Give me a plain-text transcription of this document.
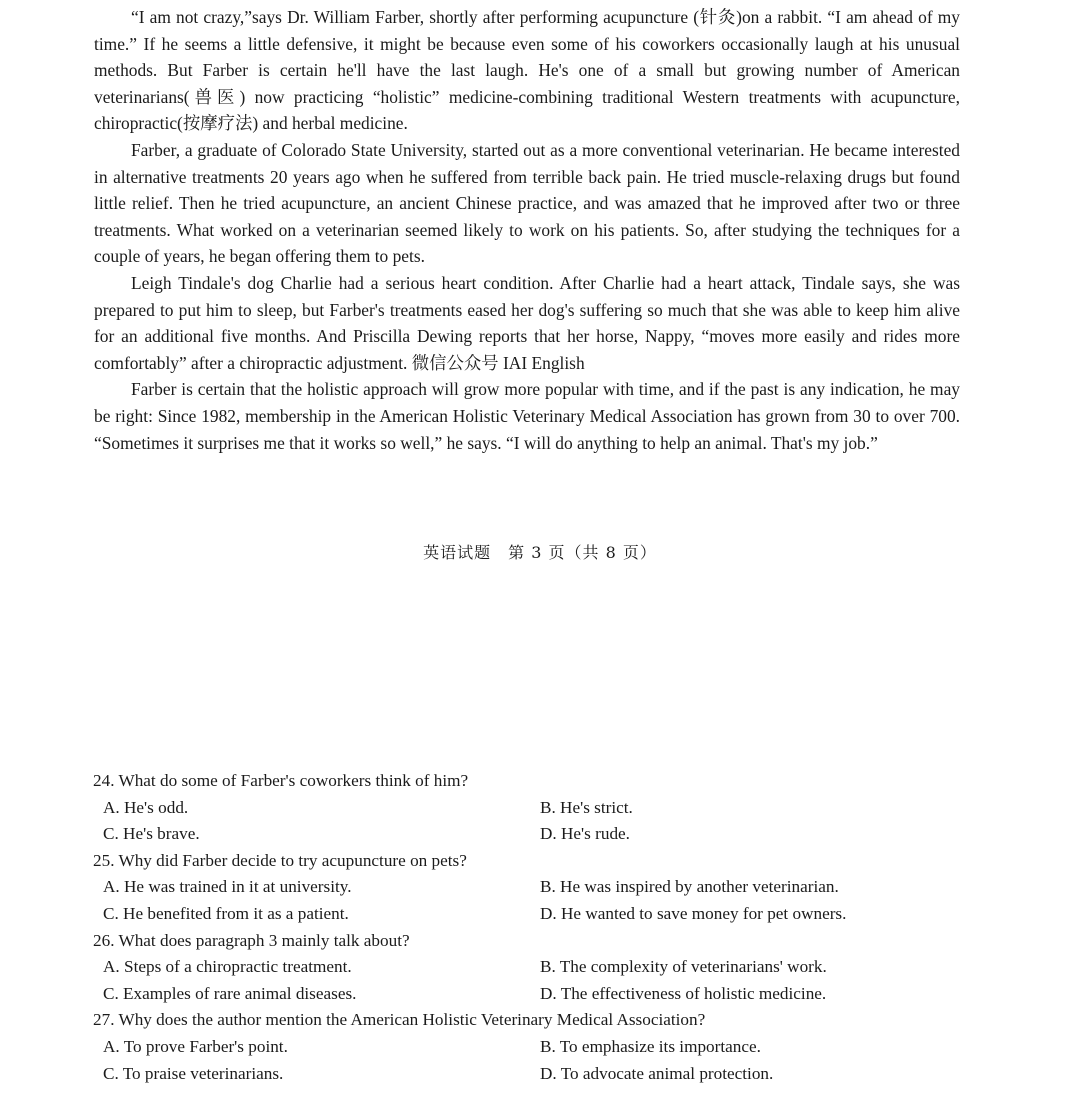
“I am not crazy,”says Dr. William Farber, shortly after performing acupuncture (针灸)on a rabbit. “I am ahead of my time.” If he seems a little defensive, it might be because even some of his coworkers occasionally laugh at his unusual methods. But Farber is certain he'll have the last laugh. He's one of a small but growing number of American veterinarians(兽医) now practicing “holistic” medicine-combining traditional Western treatments with acupuncture, chiropractic(按摩疗法) and herbal medicine.

Farber, a graduate of Colorado State University, started out as a more conventional veterinarian. He became interested in alternative treatments 20 years ago when he suffered from terrible back pain. He tried muscle-relaxing drugs but found little relief. Then he tried acupuncture, an ancient Chinese practice, and was amazed that he improved after two or three treatments. What worked on a veterinarian seemed likely to work on his patients. So, after studying the techniques for a couple of years, he began offering them to pets.

Leigh Tindale's dog Charlie had a serious heart condition. After Charlie had a heart attack, Tindale says, she was prepared to put him to sleep, but Farber's treatments eased her dog's suffering so much that she was able to keep him alive for an additional five months. And Priscilla Dewing reports that her horse, Nappy, “moves more easily and rides more comfortably” after a chiropractic adjustment. 微信公众号 IAI English

Farber is certain that the holistic approach will grow more popular with time, and if the past is any indication, he may be right: Since 1982, membership in the American Holistic Veterinary Medical Association has grown from 30 to over 700. “Sometimes it surprises me that it works so well,” he says. “I will do anything to help an animal. That's my job.”

英语试题　第 3 页（共 8 页）

24. What do some of Farber's coworkers think of him?

A. He's odd.	B. He's strict.
C. He's brave.	D. He's rude.

25. Why did Farber decide to try acupuncture on pets?

A. He was trained in it at university.	B. He was inspired by another veterinarian.
C. He benefited from it as a patient.	D. He wanted to save money for pet owners.

26. What does paragraph 3 mainly talk about?

A. Steps of a chiropractic treatment.	B. The complexity of veterinarians' work.
C. Examples of rare animal diseases.	D. The effectiveness of holistic medicine.

27. Why does the author mention the American Holistic Veterinary Medical Association?

A. To prove Farber's point.	B. To emphasize its importance.
C. To praise veterinarians.	D. To advocate animal protection.
